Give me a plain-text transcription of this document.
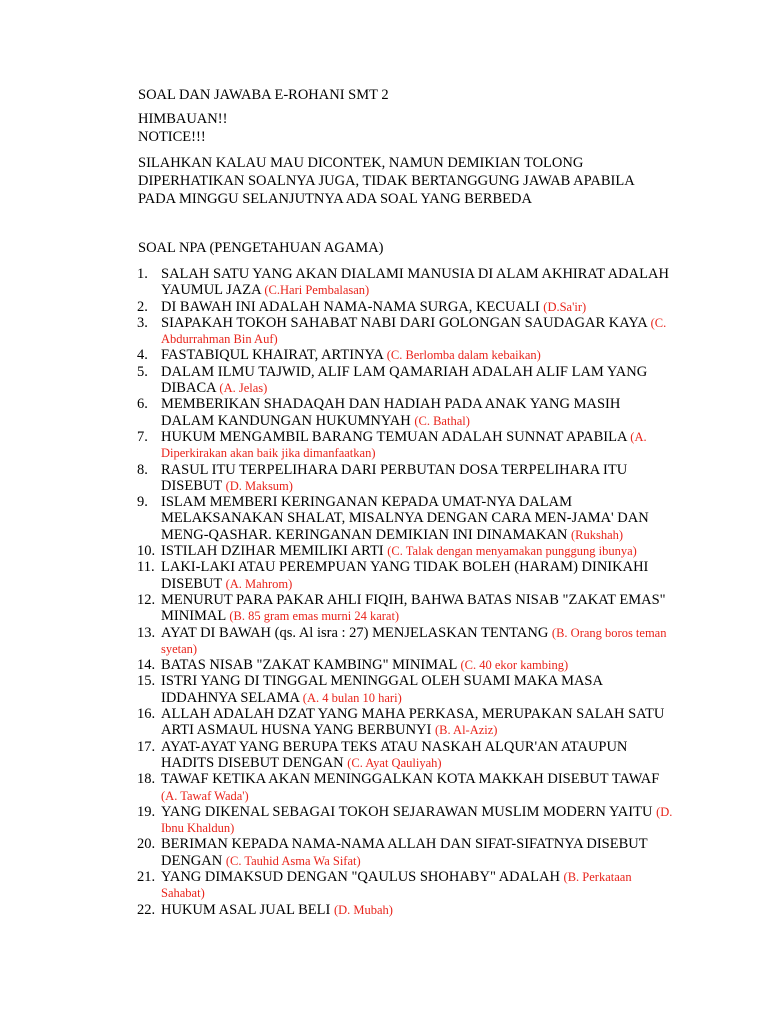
SOAL DAN JAWABA E-ROHANI SMT 2
HIMBAUAN!!
NOTICE!!!
SILAHKAN KALAU MAU DICONTEK, NAMUN DEMIKIAN TOLONG
DIPERHATIKAN SOALNYA JUGA, TIDAK BERTANGGUNG JAWAB APABILA
PADA MINGGU SELANJUTNYA ADA SOAL YANG BERBEDA
SOAL NPA (PENGETAHUAN AGAMA)
1. SALAH SATU YANG AKAN DIALAMI MANUSIA DI ALAM AKHIRAT ADALAH YAUMUL JAZA (C.Hari Pembalasan)
2. DI BAWAH INI ADALAH NAMA-NAMA SURGA, KECUALI (D.Sa'ir)
3. SIAPAKAH TOKOH SAHABAT NABI DARI GOLONGAN SAUDAGAR KAYA (C. Abdurrahman Bin Auf)
4. FASTABIQUL KHAIRAT, ARTINYA (C. Berlomba dalam kebaikan)
5. DALAM ILMU TAJWID, ALIF LAM QAMARIAH ADALAH ALIF LAM YANG DIBACA (A. Jelas)
6. MEMBERIKAN SHADAQAH DAN HADIAH PADA ANAK YANG MASIH DALAM KANDUNGAN HUKUMNYAH (C. Bathal)
7. HUKUM MENGAMBIL BARANG TEMUAN ADALAH SUNNAT APABILA (A. Diperkirakan akan baik jika dimanfaatkan)
8. RASUL ITU TERPELIHARA DARI PERBUTAN DOSA TERPELIHARA ITU DISEBUT (D. Maksum)
9. ISLAM MEMBERI KERINGANAN KEPADA UMAT-NYA DALAM MELAKSANAKAN SHALAT, MISALNYA DENGAN CARA MEN-JAMA' DAN MENG-QASHAR. KERINGANAN DEMIKIAN INI DINAMAKAN (Rukshah)
10. ISTILAH DZIHAR MEMILIKI ARTI (C. Talak dengan menyamakan punggung ibunya)
11. LAKI-LAKI ATAU PEREMPUAN YANG TIDAK BOLEH (HARAM) DINIKAHI DISEBUT (A. Mahrom)
12. MENURUT PARA PAKAR AHLI FIQIH, BAHWA BATAS NISAB "ZAKAT EMAS" MINIMAL (B. 85 gram emas murni 24 karat)
13. AYAT DI BAWAH (qs. Al isra : 27) MENJELASKAN TENTANG (B. Orang boros teman syetan)
14. BATAS NISAB "ZAKAT KAMBING" MINIMAL (C. 40 ekor kambing)
15. ISTRI YANG DI TINGGAL MENINGGAL OLEH SUAMI MAKA MASA IDDAHNYA SELAMA (A. 4 bulan 10 hari)
16. ALLAH ADALAH DZAT YANG MAHA PERKASA, MERUPAKAN SALAH SATU ARTI ASMAUL HUSNA YANG BERBUNYI (B. Al-Aziz)
17. AYAT-AYAT YANG BERUPA TEKS ATAU NASKAH ALQUR'AN ATAUPUN HADITS DISEBUT DENGAN (C. Ayat Qauliyah)
18. TAWAF KETIKA AKAN MENINGGALKAN KOTA MAKKAH DISEBUT TAWAF (A. Tawaf Wada')
19. YANG DIKENAL SEBAGAI TOKOH SEJARAWAN MUSLIM MODERN YAITU (D. Ibnu Khaldun)
20. BERIMAN KEPADA NAMA-NAMA ALLAH DAN SIFAT-SIFATNYA DISEBUT DENGAN (C. Tauhid Asma Wa Sifat)
21. YANG DIMAKSUD DENGAN "QAULUS SHOHABY" ADALAH (B. Perkataan Sahabat)
22. HUKUM ASAL JUAL BELI (D. Mubah)
